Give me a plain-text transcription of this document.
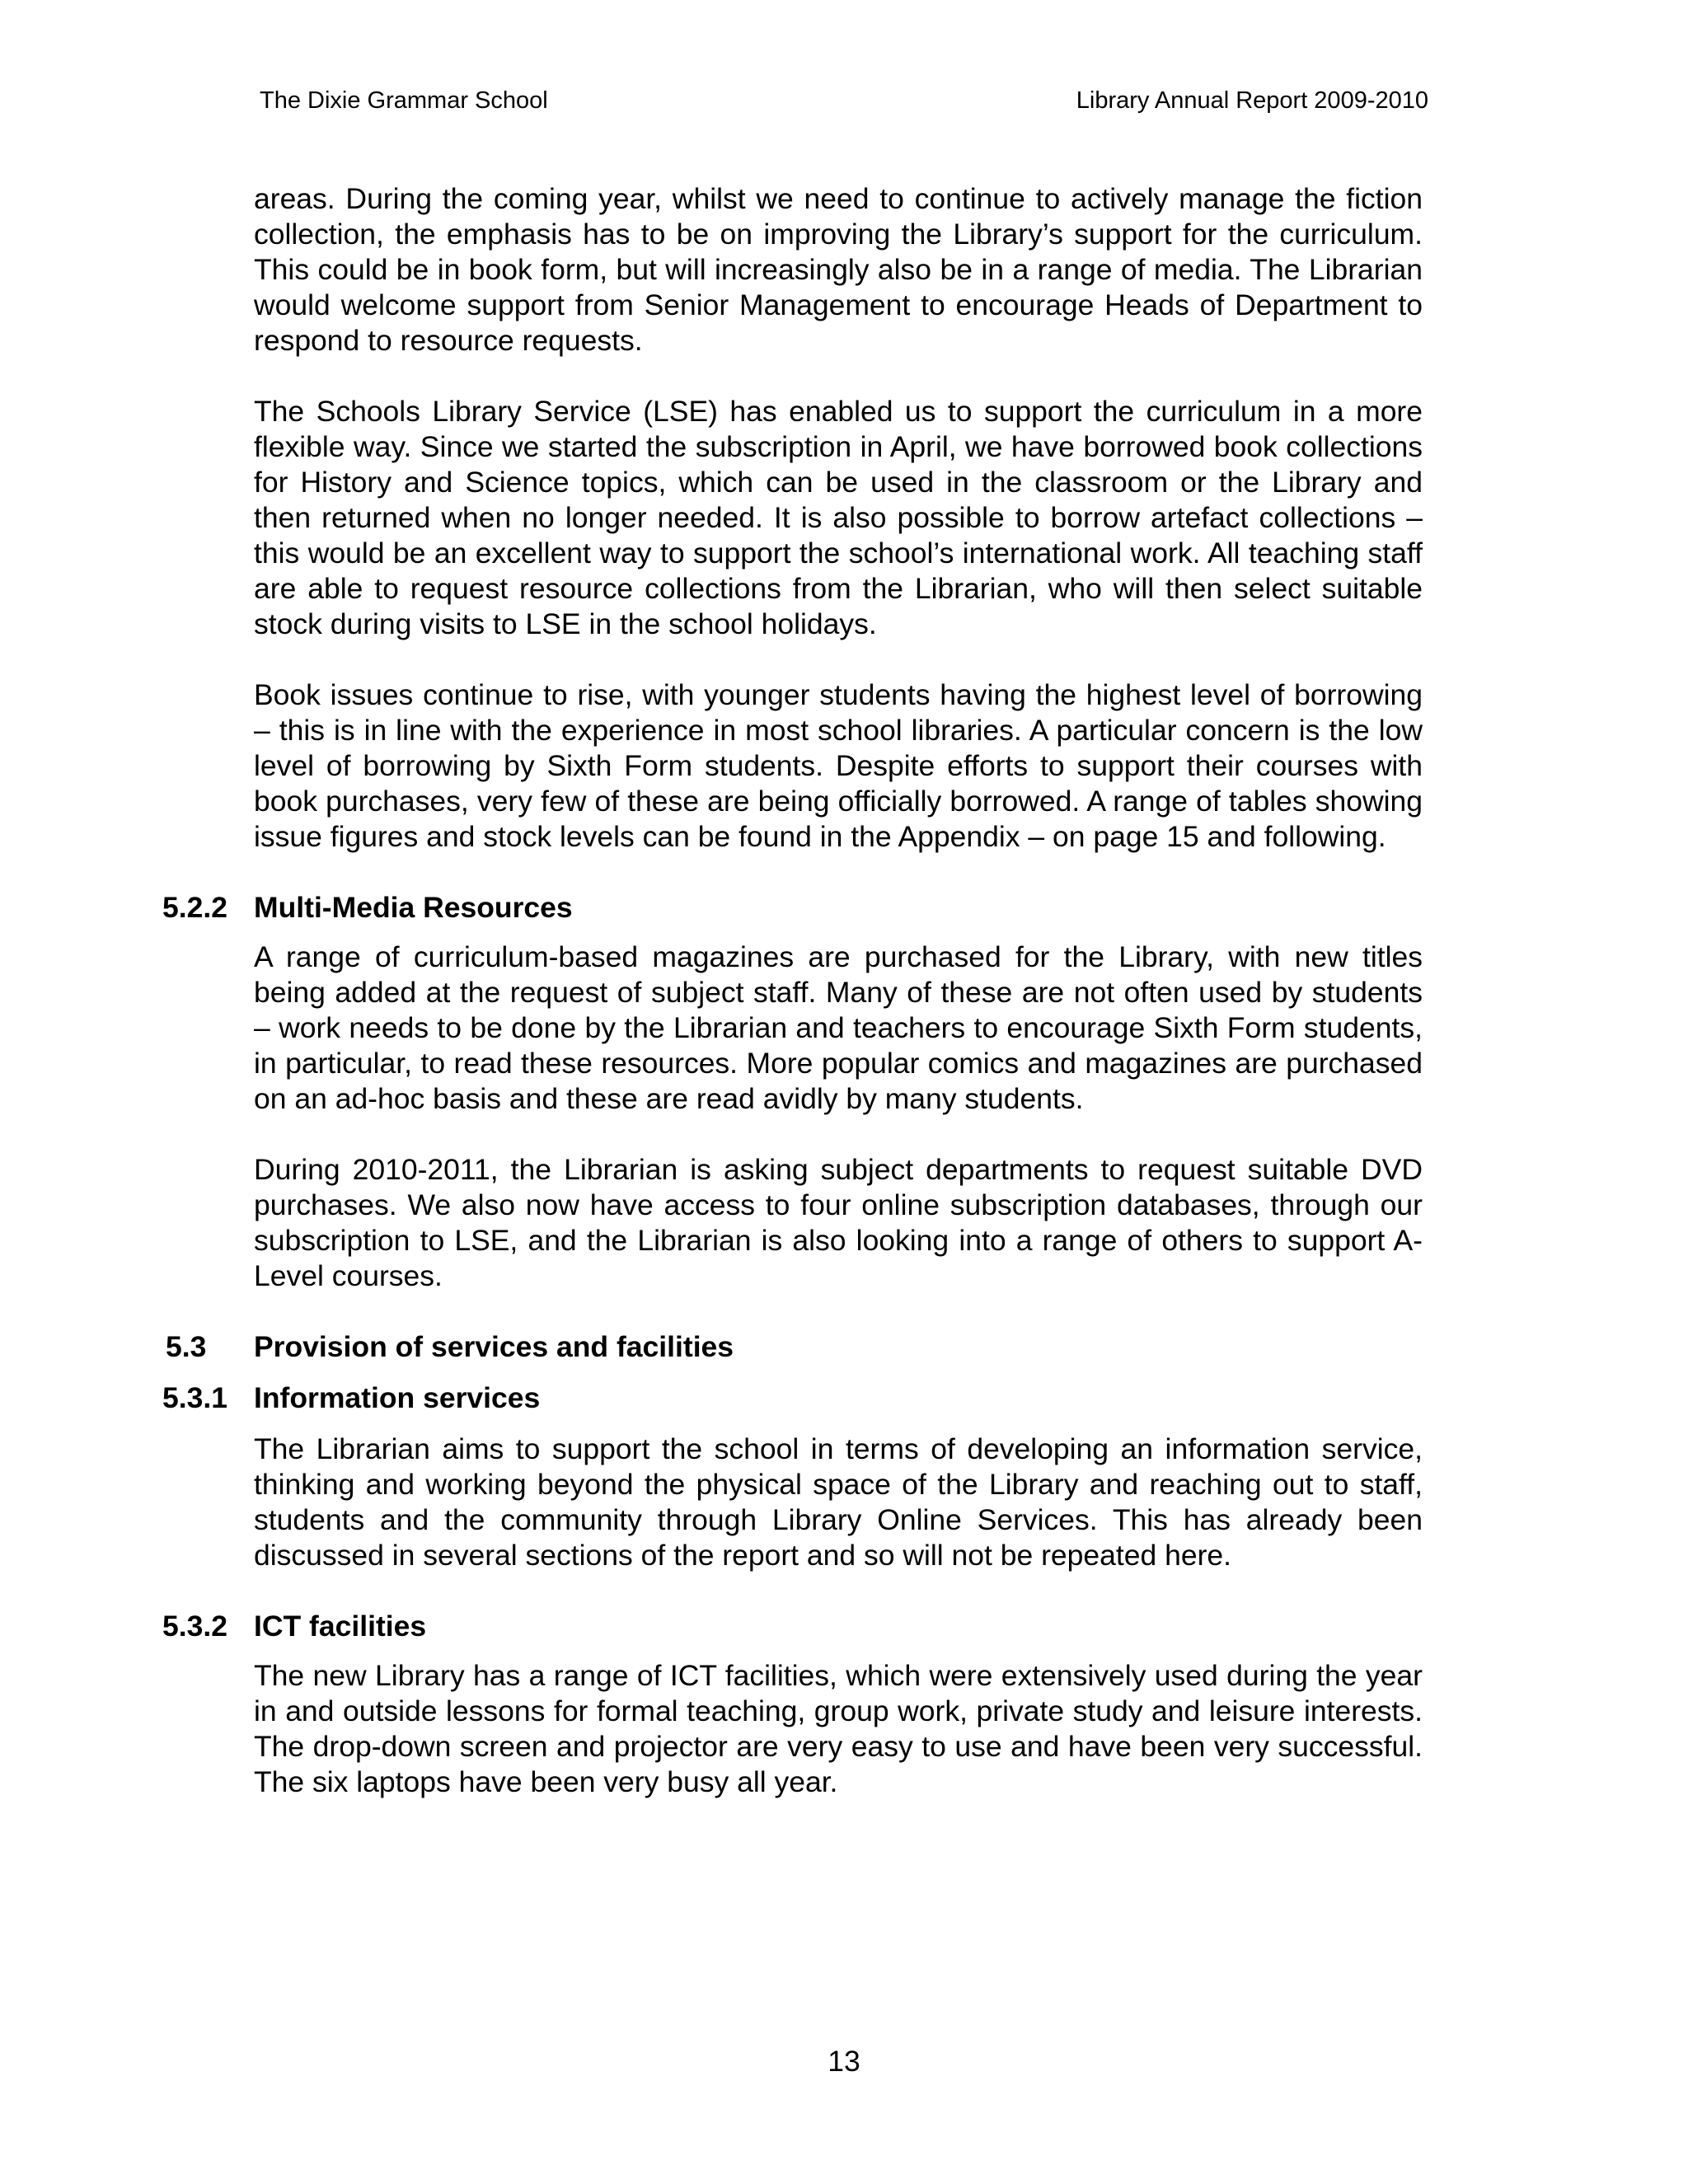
The Dixie Grammar School	Library Annual Report 2009-2010

areas. During the coming year, whilst we need to continue to actively manage the fiction collection, the emphasis has to be on improving the Library’s support for the curriculum. This could be in book form, but will increasingly also be in a range of media. The Librarian would welcome support from Senior Management to encourage Heads of Department to respond to resource requests.

The Schools Library Service (LSE) has enabled us to support the curriculum in a more flexible way. Since we started the subscription in April, we have borrowed book collections for History and Science topics, which can be used in the classroom or the Library and then returned when no longer needed. It is also possible to borrow artefact collections – this would be an excellent way to support the school’s international work. All teaching staff are able to request resource collections from the Librarian, who will then select suitable stock during visits to LSE in the school holidays.

Book issues continue to rise, with younger students having the highest level of borrowing – this is in line with the experience in most school libraries. A particular concern is the low level of borrowing by Sixth Form students. Despite efforts to support their courses with book purchases, very few of these are being officially borrowed. A range of tables showing issue figures and stock levels can be found in the Appendix – on page 15 and following.

5.2.2 Multi-Media Resources

A range of curriculum-based magazines are purchased for the Library, with new titles being added at the request of subject staff. Many of these are not often used by students – work needs to be done by the Librarian and teachers to encourage Sixth Form students, in particular, to read these resources. More popular comics and magazines are purchased on an ad-hoc basis and these are read avidly by many students.

During 2010-2011, the Librarian is asking subject departments to request suitable DVD purchases. We also now have access to four online subscription databases, through our subscription to LSE, and the Librarian is also looking into a range of others to support A-Level courses.

5.3	Provision of services and facilities
5.3.1 Information services

The Librarian aims to support the school in terms of developing an information service, thinking and working beyond the physical space of the Library and reaching out to staff, students and the community through Library Online Services. This has already been discussed in several sections of the report and so will not be repeated here.

5.3.2 ICT facilities

The new Library has a range of ICT facilities, which were extensively used during the year in and outside lessons for formal teaching, group work, private study and leisure interests. The drop-down screen and projector are very easy to use and have been very successful. The six laptops have been very busy all year.

13
